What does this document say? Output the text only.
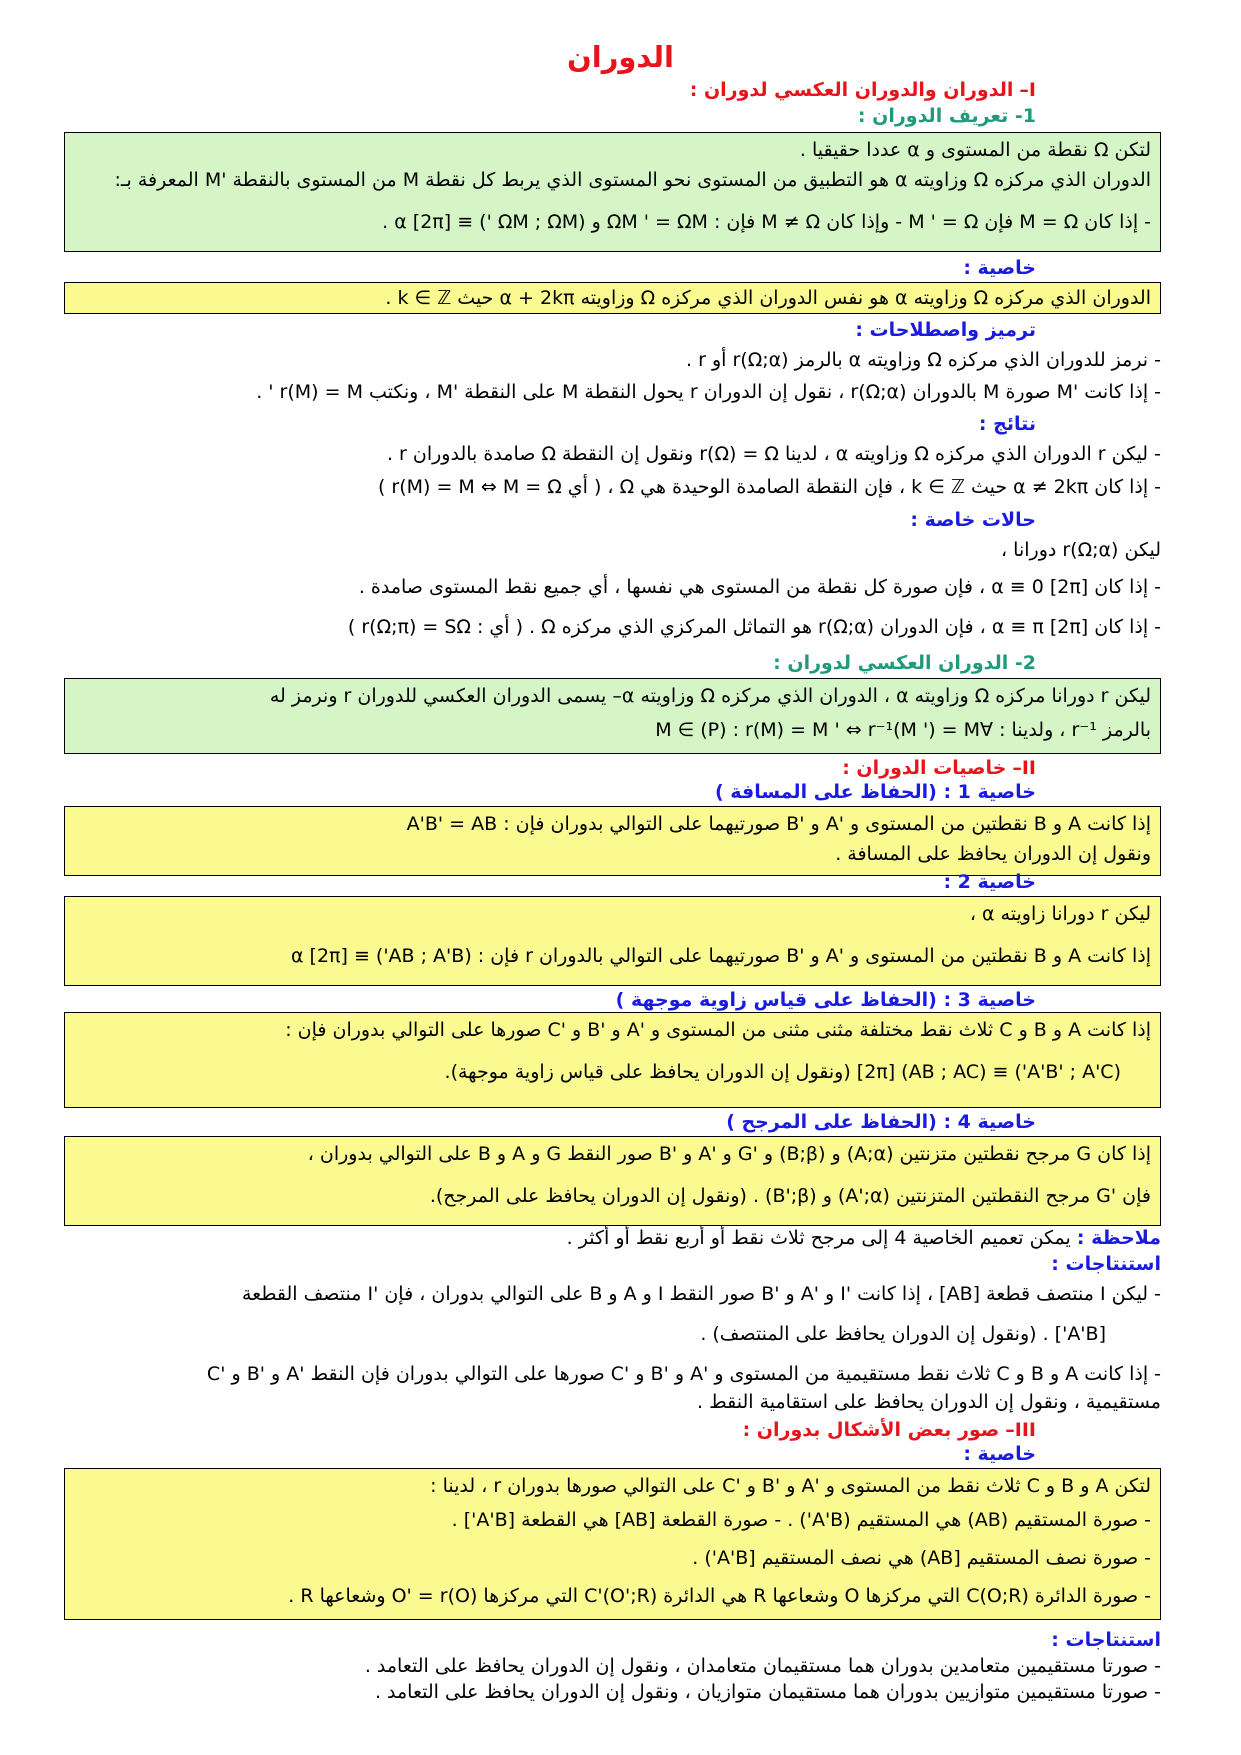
الدوران
I– الدوران والدوران العكسي لدوران :
1- تعريف الدوران :
لتكن Ω نقطة من المستوى و α عددا حقيقيا .
الدوران الذي مركزه Ω وزاويته α هو التطبيق من المستوى نحو المستوى الذي يربط كل نقطة M من المستوى بالنقطة 'M المعرفة بـ:
- إذا كان M = Ω فإن M ' = Ω - وإذا كان M ≠ Ω فإن : ΩM ' = ΩM و (ΩM ; ΩM ') ≡ α [2π] .
خاصية :
الدوران الذي مركزه Ω وزاويته α هو نفس الدوران الذي مركزه Ω وزاويته α + 2kπ حيث k ∈ ℤ .
ترميز واصطلاحات :
- نرمز للدوران الذي مركزه Ω وزاويته α بالرمز r(Ω;α) أو r .
- إذا كانت 'M صورة M بالدوران r(Ω;α) ، نقول إن الدوران r يحول النقطة M على النقطة 'M ، ونكتب r(M) = M ' .
نتائج :
- ليكن r الدوران الذي مركزه Ω وزاويته α ، لدينا r(Ω) = Ω ونقول إن النقطة Ω صامدة بالدوران r .
- إذا كان α ≠ 2kπ حيث k ∈ ℤ ، فإن النقطة الصامدة الوحيدة هي Ω ، ( أي r(M) = M ⇔ M = Ω )
حالات خاصة :
ليكن r(Ω;α) دورانا ،
- إذا كان α ≡ 0 [2π] ، فإن صورة كل نقطة من المستوى هي نفسها ، أي جميع نقط المستوى صامدة .
- إذا كان α ≡ π [2π] ، فإن الدوران r(Ω;α) هو التماثل المركزي الذي مركزه Ω . ( أي : r(Ω;π) = SΩ )
2- الدوران العكسي لدوران :
ليكن r دورانا مركزه Ω وزاويته α ، الدوران الذي مركزه Ω وزاويته α– يسمى الدوران العكسي للدوران r ونرمز له
بالرمز r⁻¹ ، ولدينا : ∀M ∈ (P) : r(M) = M ' ⇔ r⁻¹(M ') = M
II– خاصيات الدوران :
خاصية 1 : (الحفاظ على المسافة )
إذا كانت A و B نقطتين من المستوى و 'A و 'B صورتيهما على التوالي بدوران فإن : A'B' = AB
ونقول إن الدوران يحافظ على المسافة .
خاصية 2 :
ليكن r دورانا زاويته α ،
إذا كانت A و B نقطتين من المستوى و 'A و 'B صورتيهما على التوالي بالدوران r فإن : (AB ; A'B') ≡ α [2π]
خاصية 3 : (الحفاظ على قياس زاوية موجهة )
إذا كانت A و B و C ثلاث نقط مختلفة مثنى مثنى من المستوى و 'A و 'B و 'C صورها على التوالي بدوران فإن :
(A'B' ; A'C') ≡ (AB ; AC) [2π] (ونقول إن الدوران يحافظ على قياس زاوية موجهة).
خاصية 4 : (الحفاظ على المرجح )
إذا كان G مرجح نقطتين متزنتين (A;α) و (B;β) و 'G و 'A و 'B صور النقط G و A و B على التوالي بدوران ،
فإن 'G مرجح النقطتين المتزنتين (A';α) و (B';β) . (ونقول إن الدوران يحافظ على المرجح).
ملاحظة : يمكن تعميم الخاصية 4 إلى مرجح ثلاث نقط أو أربع نقط أو أكثر .
استنتاجات :
- ليكن I منتصف قطعة [AB] ، إذا كانت 'I و 'A و 'B صور النقط I و A و B على التوالي بدوران ، فإن 'I منتصف القطعة
[A'B'] . (ونقول إن الدوران يحافظ على المنتصف) .
- إذا كانت A و B و C ثلاث نقط مستقيمية من المستوى و 'A و 'B و 'C صورها على التوالي بدوران فإن النقط 'A و 'B و 'C
مستقيمية ، ونقول إن الدوران يحافظ على استقامية النقط .
III– صور بعض الأشكال بدوران :
خاصية :
لتكن A و B و C ثلاث نقط من المستوى و 'A و 'B و 'C على التوالي صورها بدوران r ، لدينا :
- صورة المستقيم (AB) هي المستقيم (A'B') . - صورة القطعة [AB] هي القطعة [A'B'] .
- صورة نصف المستقيم [AB) هي نصف المستقيم [A'B') .
- صورة الدائرة C(O;R) التي مركزها O وشعاعها R هي الدائرة C'(O';R) التي مركزها O' = r(O) وشعاعها R .
استنتاجات :
- صورتا مستقيمين متعامدين بدوران هما مستقيمان متعامدان ، ونقول إن الدوران يحافظ على التعامد .
- صورتا مستقيمين متوازيين بدوران هما مستقيمان متوازيان ، ونقول إن الدوران يحافظ على التعامد .
